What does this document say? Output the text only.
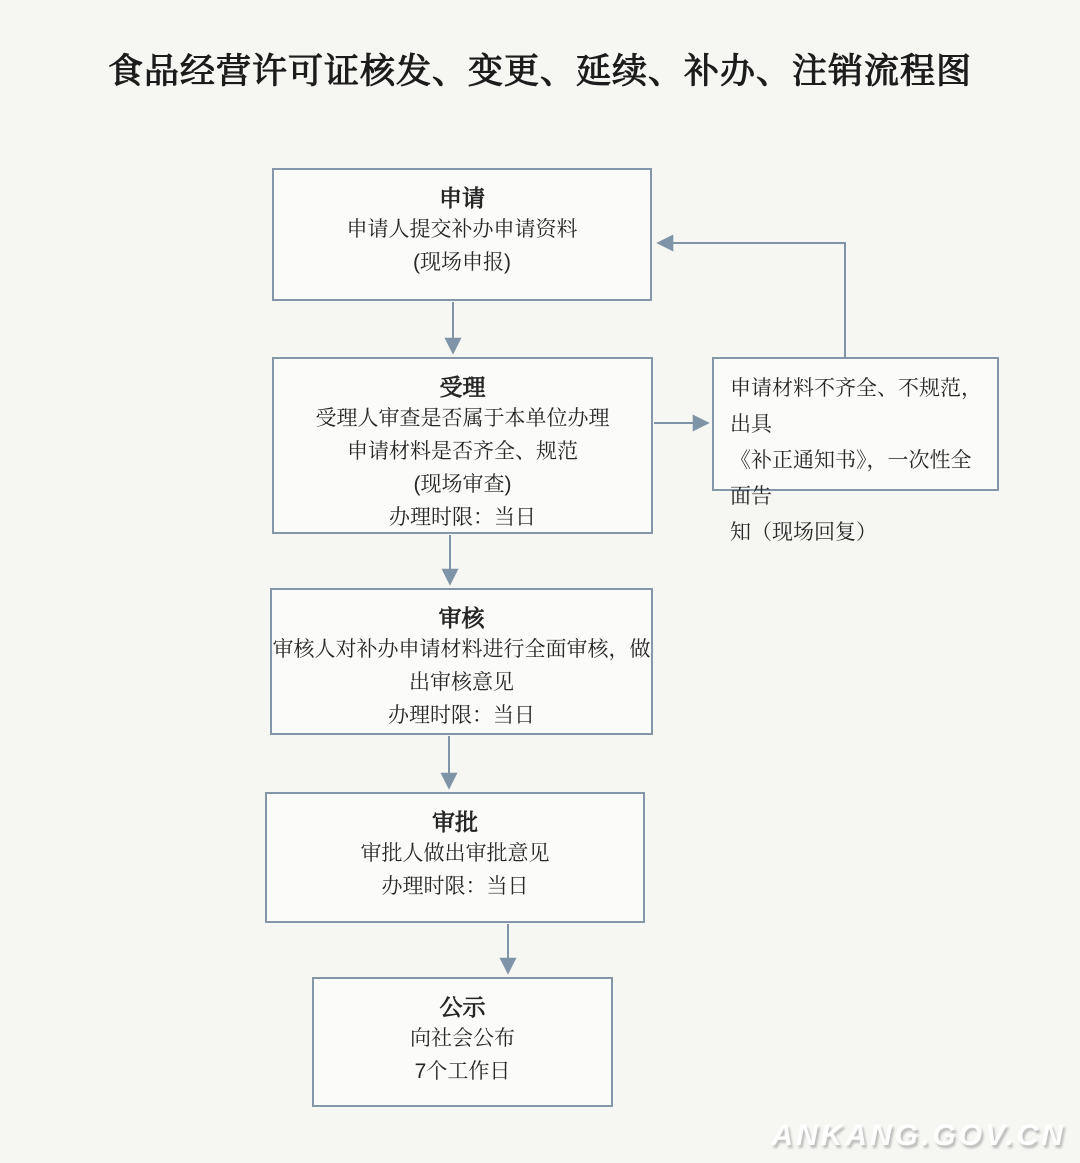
食品经营许可证核发、变更、延续、补办、注销流程图
申请
申请人提交补办申请资料
(现场申报)
受理
受理人审查是否属于本单位办理
申请材料是否齐全、规范
(现场审查)
办理时限：当日
申请材料不齐全、不规范，出具
《补正通知书》，一次性全面告
知（现场回复）
审核
审核人对补办申请材料进行全面审核，做
出审核意见
办理时限：当日
审批
审批人做出审批意见
办理时限：当日
公示
向社会公布
7个工作日
ANKANG.GOV.CN
